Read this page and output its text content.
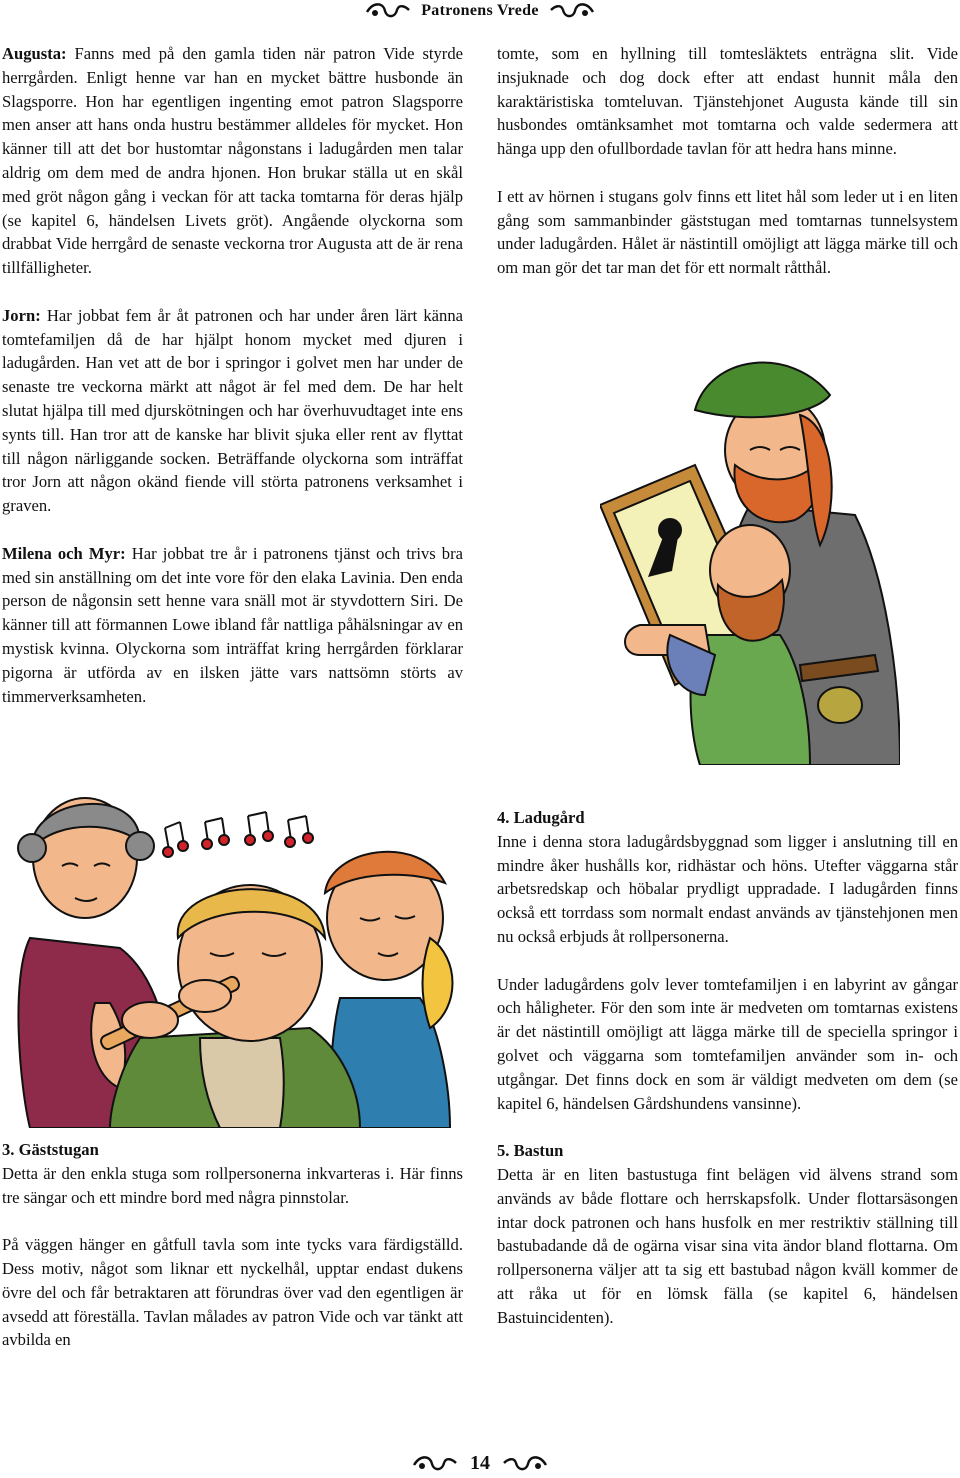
Patronens Vrede

Augusta: Fanns med på den gamla tiden när patron Vide styrde herrgården. Enligt henne var han en mycket bättre husbonde än Slagsporre. Hon har egentligen ingenting emot patron Slagsporre men anser att hans onda hustru bestämmer alldeles för mycket. Hon känner till att det bor hustomtar någonstans i ladugården men talar aldrig om dem med de andra hjonen. Hon brukar ställa ut en skål med gröt någon gång i veckan för att tacka tomtarna för deras hjälp (se kapitel 6, händelsen Livets gröt). Angående olyckorna som drabbat Vide herrgård de senaste veckorna tror Augusta att de är rena tillfälligheter.

Jorn: Har jobbat fem år åt patronen och har under åren lärt känna tomtefamiljen då de har hjälpt honom mycket med djuren i ladugården. Han vet att de bor i springor i golvet men har under de senaste tre veckorna märkt att något är fel med dem. De har helt slutat hjälpa till med djurskötningen och har överhuvudtaget inte ens synts till. Han tror att de kanske har blivit sjuka eller rent av flyttat till någon närliggande socken. Beträffande olyckorna som inträffat tror Jorn att någon okänd fiende vill störta patronens verksamhet i graven.

Milena och Myr: Har jobbat tre år i patronens tjänst och trivs bra med sin anställning om det inte vore för den elaka Lavinia. Den enda person de någonsin sett henne vara snäll mot är styvdottern Siri. De känner till att förmannen Lowe ibland får nattliga påhälsningar av en mystisk kvinna. Olyckorna som inträffat kring herrgården förklarar pigorna är utförda av en ilsken jätte vars nattsömn störts av timmerverksamheten.

3. Gäststugan

Detta är den enkla stuga som rollpersonerna inkvarteras i. Här finns tre sängar och ett mindre bord med några pinnstolar.

På väggen hänger en gåtfull tavla som inte tycks vara färdigställd. Dess motiv, något som liknar ett nyckelhål, upptar endast dukens övre del och får betraktaren att förundras över vad den egentligen är avsedd att föreställa. Tavlan målades av patron Vide och var tänkt att avbilda en

tomte, som en hyllning till tomtesläktets enträgna slit. Vide insjuknade och dog dock efter att endast hunnit måla den karaktäristiska tomteluvan. Tjänstehjonet Augusta kände till sin husbondes omtänksamhet mot tomtarna och valde sedermera att hänga upp den ofullbordade tavlan för att hedra hans minne.

I ett av hörnen i stugans golv finns ett litet hål som leder ut i en liten gång som sammanbinder gäststugan med tomtarnas tunnelsystem under ladugården. Hålet är nästintill omöjligt att lägga märke till och om man gör det tar man det för ett normalt råtthål.

4. Ladugård

Inne i denna stora ladugårdsbyggnad som ligger i anslutning till en mindre åker hushålls kor, ridhästar och höns. Utefter väggarna står arbetsredskap och höbalar prydligt uppradade. I ladugården finns också ett torrdass som normalt endast används av tjänstehjonen men nu också erbjuds åt rollpersonerna.

Under ladugårdens golv lever tomtefamiljen i en labyrint av gångar och håligheter. För den som inte är medveten om tomtarnas existens är det nästintill omöjligt att lägga märke till de speciella springor i golvet och väggarna som tomtefamiljen använder som in- och utgångar. Det finns dock en som är väldigt medveten om dem (se kapitel 6, händelsen Gårdshundens vansinne).

5. Bastun

Detta är en liten bastustuga fint belägen vid älvens strand som används av både flottare och herrskapsfolk. Under flottarsäsongen intar dock patronen och hans husfolk en mer restriktiv ställning till bastubadande då de ogärna visar sina vita ändor bland flottarna. Om rollpersonerna väljer att ta sig ett bastubad någon kväll kommer de att råka ut för en lömsk fälla (se kapitel 6, händelsen Bastuincidenten).

14
